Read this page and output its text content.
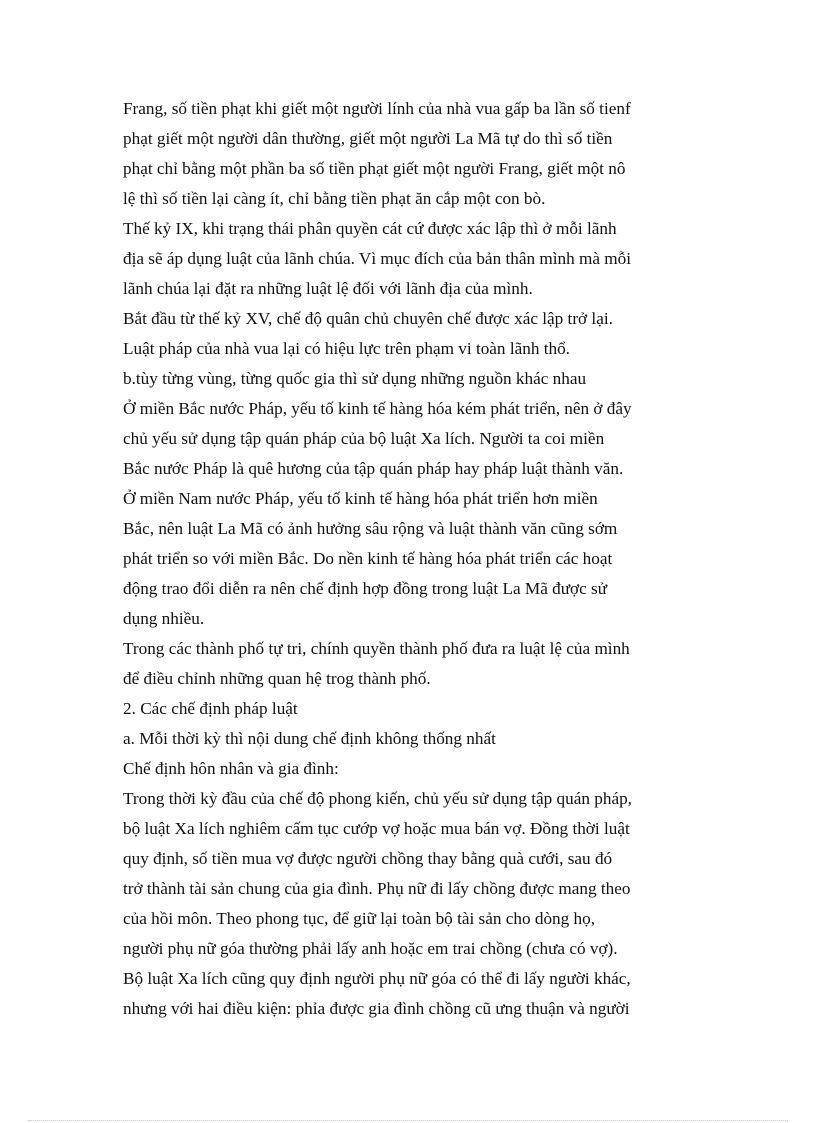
Frang, số tiền phạt khi giết một người lính của nhà vua gấp ba lần số tienf
phạt giết một người dân thường, giết một người La Mã tự do thì số tiền
phạt chỉ bằng một phần ba số tiền phạt giết một người Frang, giết một nô
lệ thì số tiền lại càng ít, chỉ bằng tiền phạt ăn cắp một con bò.
Thế kỷ IX, khi trạng thái phân quyền cát cứ được xác lập thì ở mỗi lãnh
địa sẽ áp dụng luật của lãnh chúa. Vì mục đích của bản thân mình mà mỗi
lãnh chúa lại đặt ra những luật lệ đối với lãnh địa của mình.
Bắt đầu từ thế kỷ XV, chế độ quân chủ chuyên chế được xác lập trở lại.
Luật pháp của nhà vua lại có hiệu lực trên phạm vi toàn lãnh thổ.
b.tùy từng vùng, từng quốc gia thì sử dụng những nguồn khác nhau
Ở miền Bắc nước Pháp, yếu tố kinh tế hàng hóa kém phát triển, nên ở đây
chủ yếu sử dụng tập quán pháp của bộ luật Xa lích. Người ta coi miền
Bắc nước Pháp là quê hương của tập quán pháp hay pháp luật thành văn.
Ở miền Nam nước Pháp, yếu tố kinh tế hàng hóa phát triển hơn miền
Bắc, nên luật La Mã có ảnh hưởng sâu rộng và luật thành văn cũng sớm
phát triển so với miền Bắc. Do nền kinh tế hàng hóa phát triển các hoạt
động trao đổi diễn ra nên chế định hợp đồng trong luật La Mã được sử
dụng nhiều.
Trong các thành phố tự tri, chính quyền thành phố đưa ra luật lệ của mình
để điều chỉnh những quan hệ trog thành phố.
2. Các chế định pháp luật
a. Mỗi thời kỳ thì nội dung chế định không thống nhất
Chế định hôn nhân và gia đình:
Trong thời kỳ đầu của chế độ phong kiến, chủ yếu sử dụng tập quán pháp,
bộ luật Xa lích nghiêm cấm tục cướp vợ hoặc mua bán vợ. Đồng thời luật
quy định, số tiền mua vợ được người chồng thay bằng quà cưới, sau đó
trở thành tài sản chung của gia đình. Phụ nữ đi lấy chồng được mang theo
của hồi môn. Theo phong tục, để giữ lại toàn bộ tài sản cho dòng họ,
người phụ nữ góa thường phải lấy anh hoặc em trai chồng (chưa có vợ).
Bộ luật Xa lích cũng quy định người phụ nữ góa có thể đi lấy người khác,
nhưng với hai điều kiện: phỉa được gia đình chồng cũ ưng thuận và người
